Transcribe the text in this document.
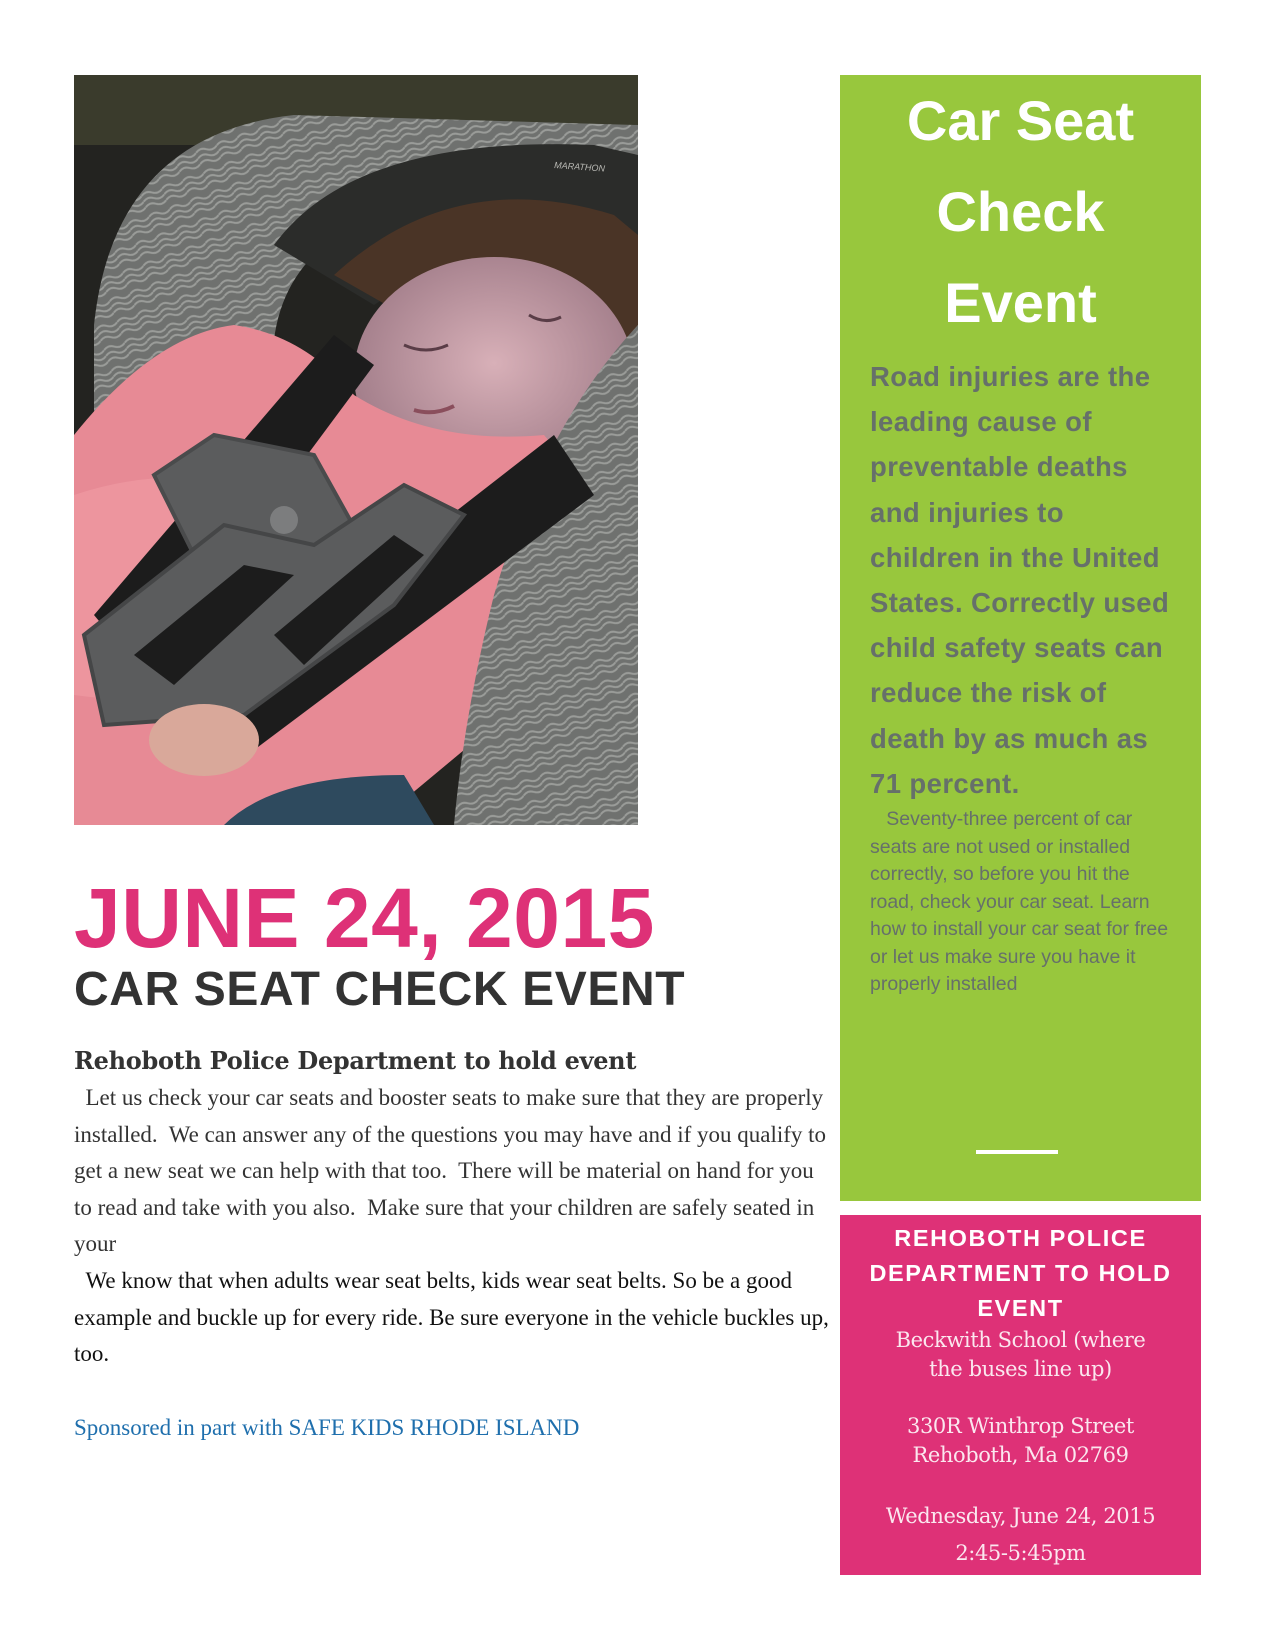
MARATHON
JUNE 24, 2015
CAR SEAT CHECK EVENT
Rehoboth Police Department to hold event

Let us check your car seats and booster seats to make sure that they are properly installed.  We can answer any of the questions you may have and if you qualify to get a new seat we can help with that too.  There will be material on hand for you to read and take with you also.  Make sure that your children are safely seated in your

We know that when adults wear seat belts, kids wear seat belts. So be a good example and buckle up for every ride. Be sure everyone in the vehicle buckles up, too.

Sponsored in part with SAFE KIDS RHODE ISLAND

Car Seat
Check
Event

Road injuries are the leading cause of preventable deaths and injuries to children in the United States. Correctly used child safety seats can reduce the risk of death by as much as 71 percent.

Seventy-three percent of car seats are not used or installed correctly, so before you hit the road, check your car seat. Learn how to install your car seat for free or let us make sure you have it properly installed

REHOBOTH POLICE DEPARTMENT TO HOLD EVENT
Beckwith School (where
the buses line up)
330R Winthrop Street
Rehoboth, Ma 02769
Wednesday, June 24, 2015
2:45-5:45pm
